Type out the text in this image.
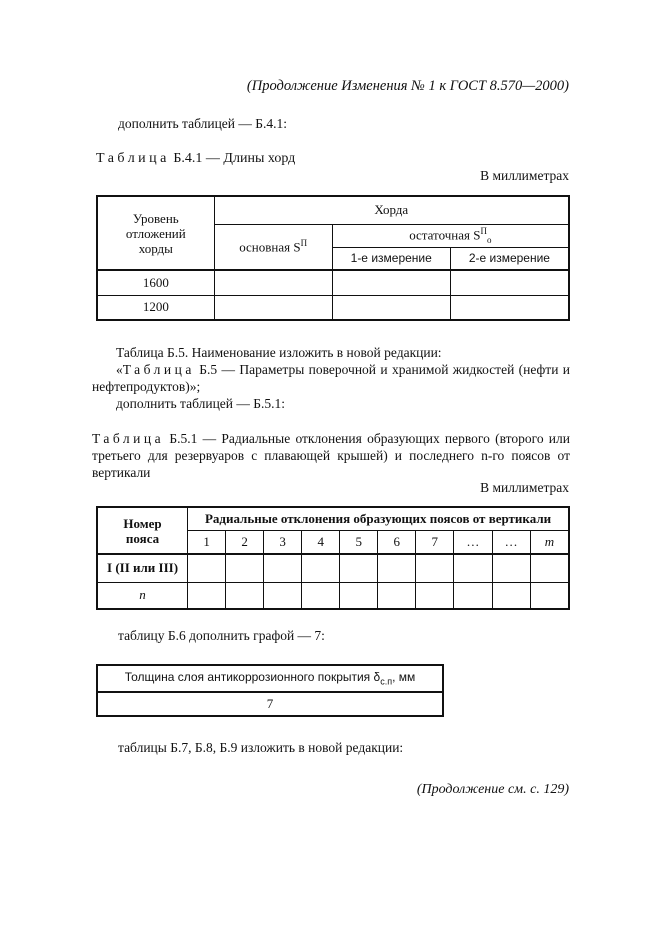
(Продолжение Изменения № 1 к ГОСТ 8.570—2000)
дополнить таблицей — Б.4.1:
Таблица Б.4.1 — Длины хорд
В миллиметрах
Уровень отложений хорды	Хорда		
	основная $S^П$	остаточная $S^П_о$
		1-е измерение	2-е измерение
1600			
1200			
Таблица Б.5. Наименование изложить в новой редакции:
«Таблица Б.5 — Параметры поверочной и хранимой жидкостей (нефти и нефтепродуктов)»;
дополнить таблицей — Б.5.1:
Таблица Б.5.1 — Радиальные отклонения образующих первого (второго или третьего для резервуаров с плавающей крышей) и последнего n-го поясов от вертикали
В миллиметрах
Номер пояса	Радиальные отклонения образующих поясов от вертикали									
	1	2	3	4	5	6	7	…	…	m
I (II или III)										
n										
таблицу Б.6 дополнить графой — 7:
Толщина слоя антикоррозионного покрытия $\delta_{с.п}$, мм
7
таблицы Б.7, Б.8, Б.9 изложить в новой редакции:
(Продолжение см. с. 129)
